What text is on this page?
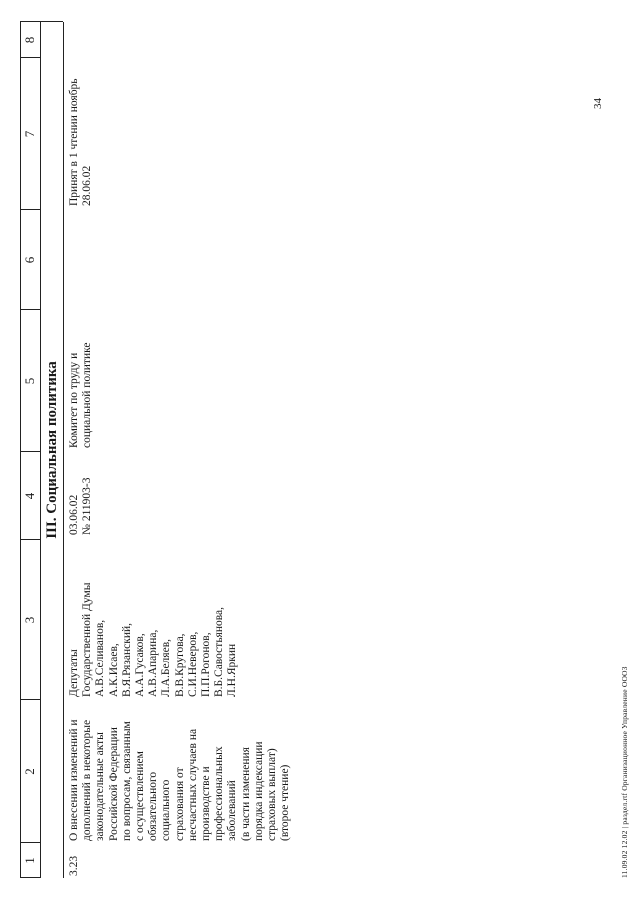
1
2
3
4
5
6
7
8
III. Социальная политика
3.23
О внесении изменений и
дополнений в некоторые
законодательные акты
Российской Федерации
по вопросам, связанным
с осуществлением
обязательного
социального
страхования от
несчастных случаев на
производстве и
профессиональных
заболеваний
(в части изменения
порядка индексации
страховых выплат)
(второе чтение)
Депутаты
Государственной Думы
А.В.Селиванов,
А.К.Исаев,
В.Я.Рязанский,
А.А.Гусаков,
А.В.Апарина,
Л.А.Беляев,
В.В.Кругова,
С.И.Неверов,
П.П.Рогонов,
В.Б.Савостьянова,
Л.Н.Яркин
03.06.02
№ 211903-3
Комитет по труду и
социальной политике
Принят в 1 чтении ноябрь
28.06.02
34
11.09.02 12.02 | раздел.rtf Организационное Управление ООО3
